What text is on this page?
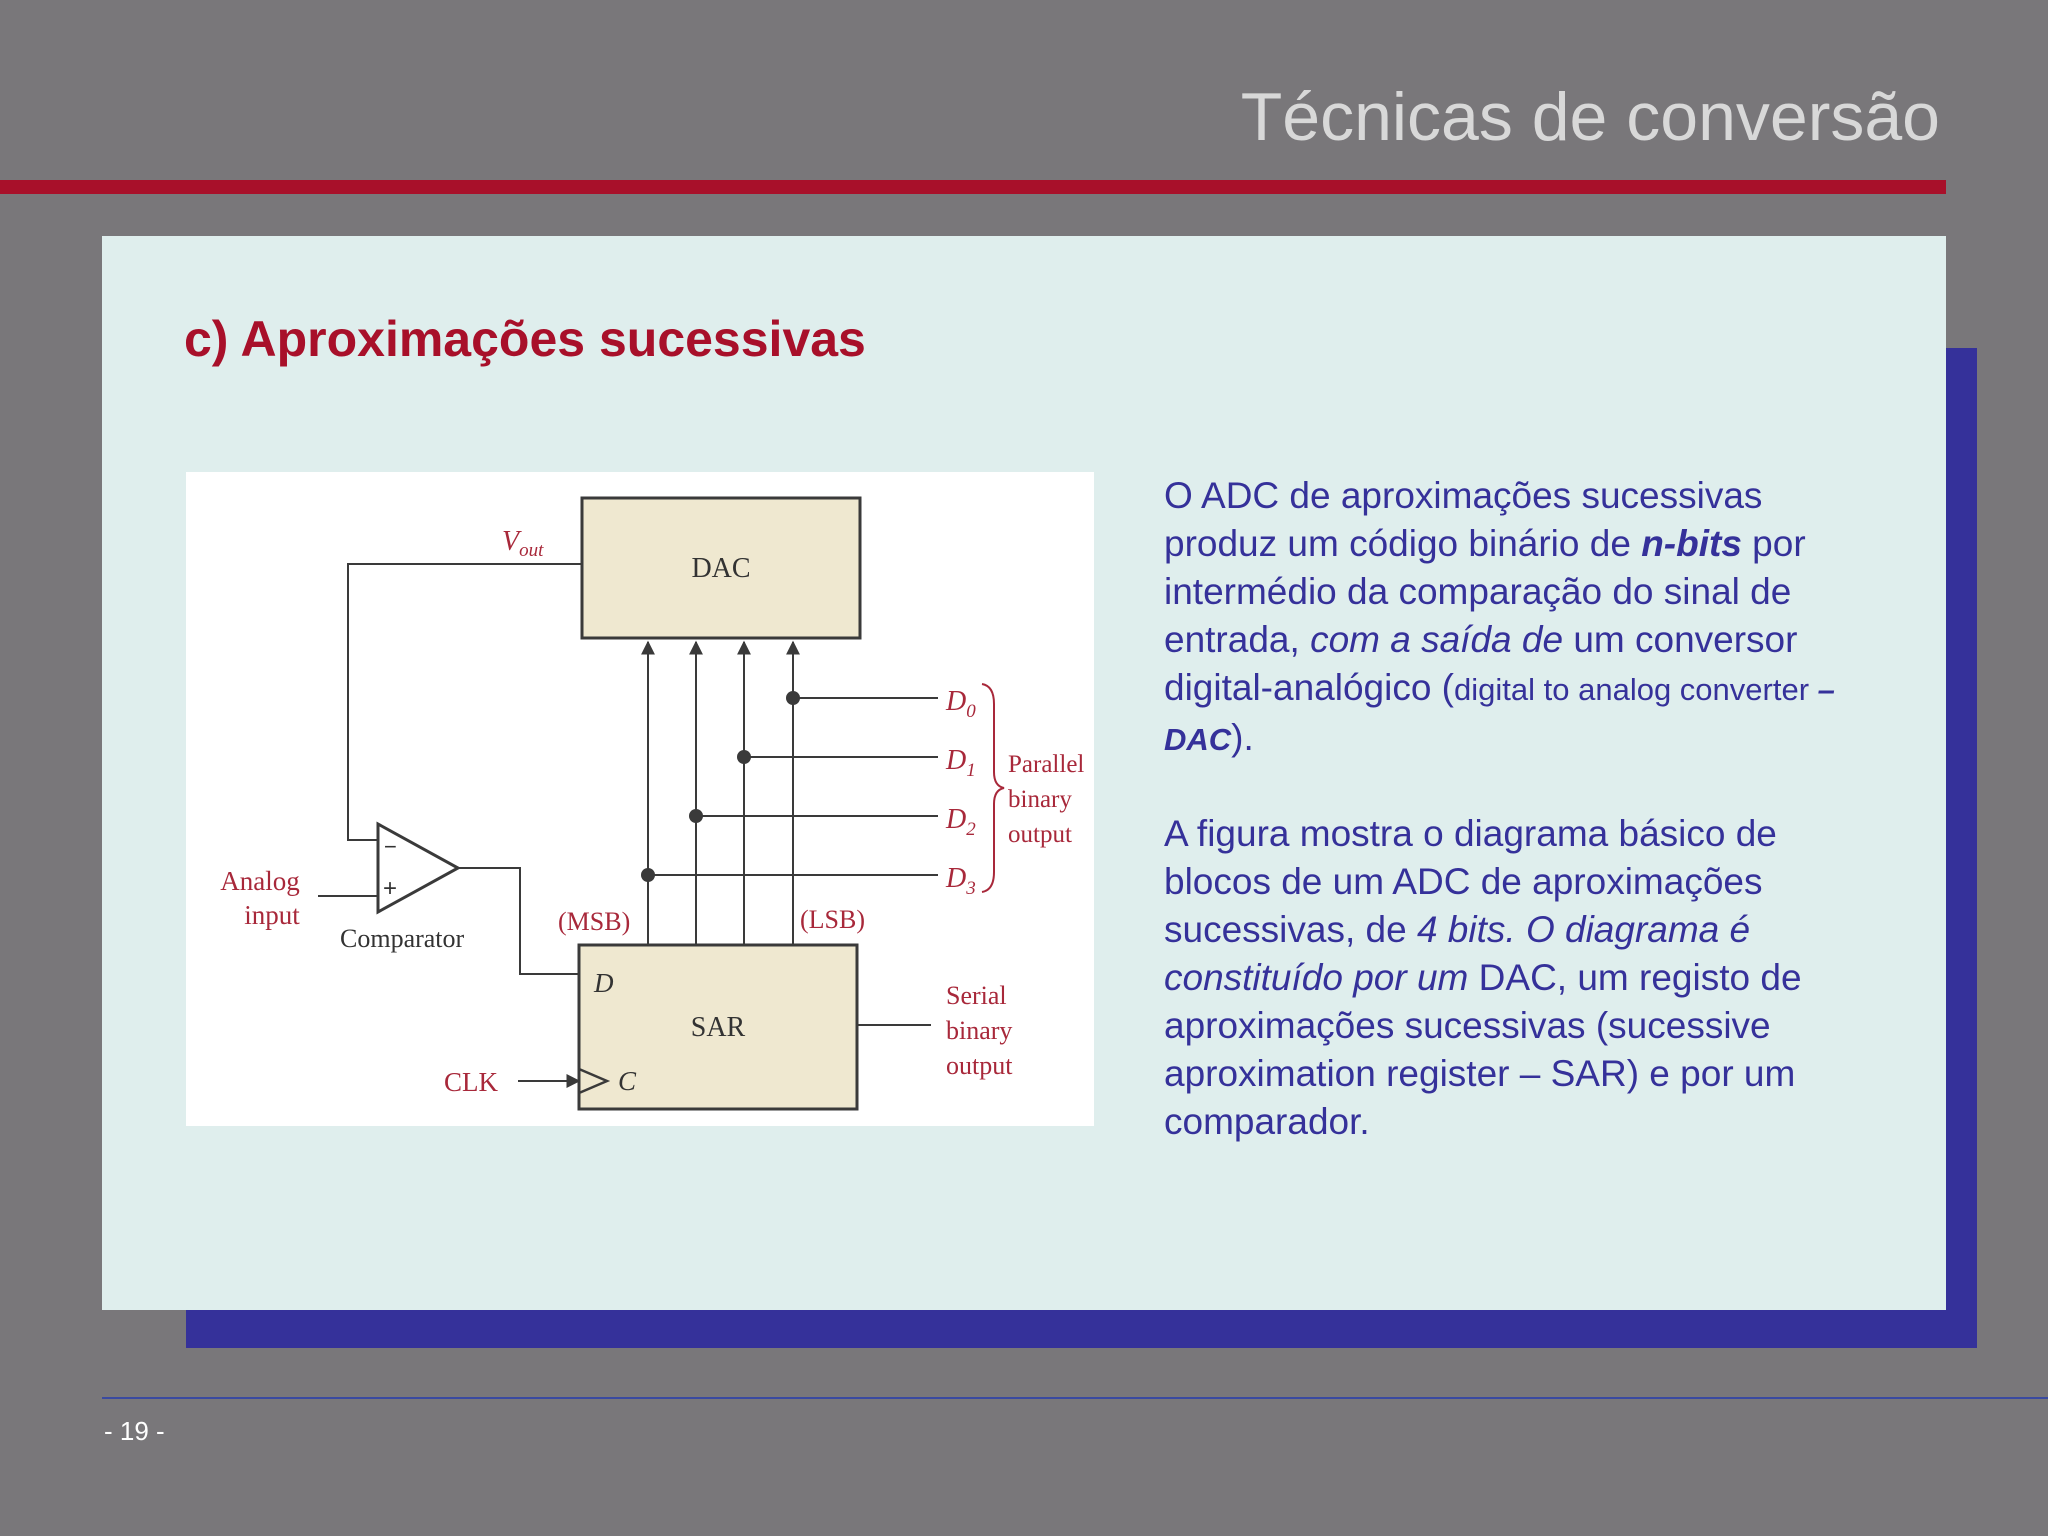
Técnicas de conversão
c) Aproximações sucessivas
DAC
SAR
D
C
$V_{out}$
−
+
Comparator
Analog
input
CLK
$D_0$
$D_1$
$D_2$
$D_3$
Parallel
binary
output
(MSB)	(LSB)
Serial
binary
output

O ADC de aproximações sucessivas produz um código binário de n-bits por intermédio da comparação do sinal de entrada, com a saída de um conversor digital-analógico (digital to analog converter – DAC).

A figura mostra o diagrama básico de blocos de um ADC de aproximações sucessivas, de 4 bits. O diagrama é constituído por um DAC, um registo de aproximações sucessivas (sucessive aproximation register – SAR) e por um comparador.

- 19 -
